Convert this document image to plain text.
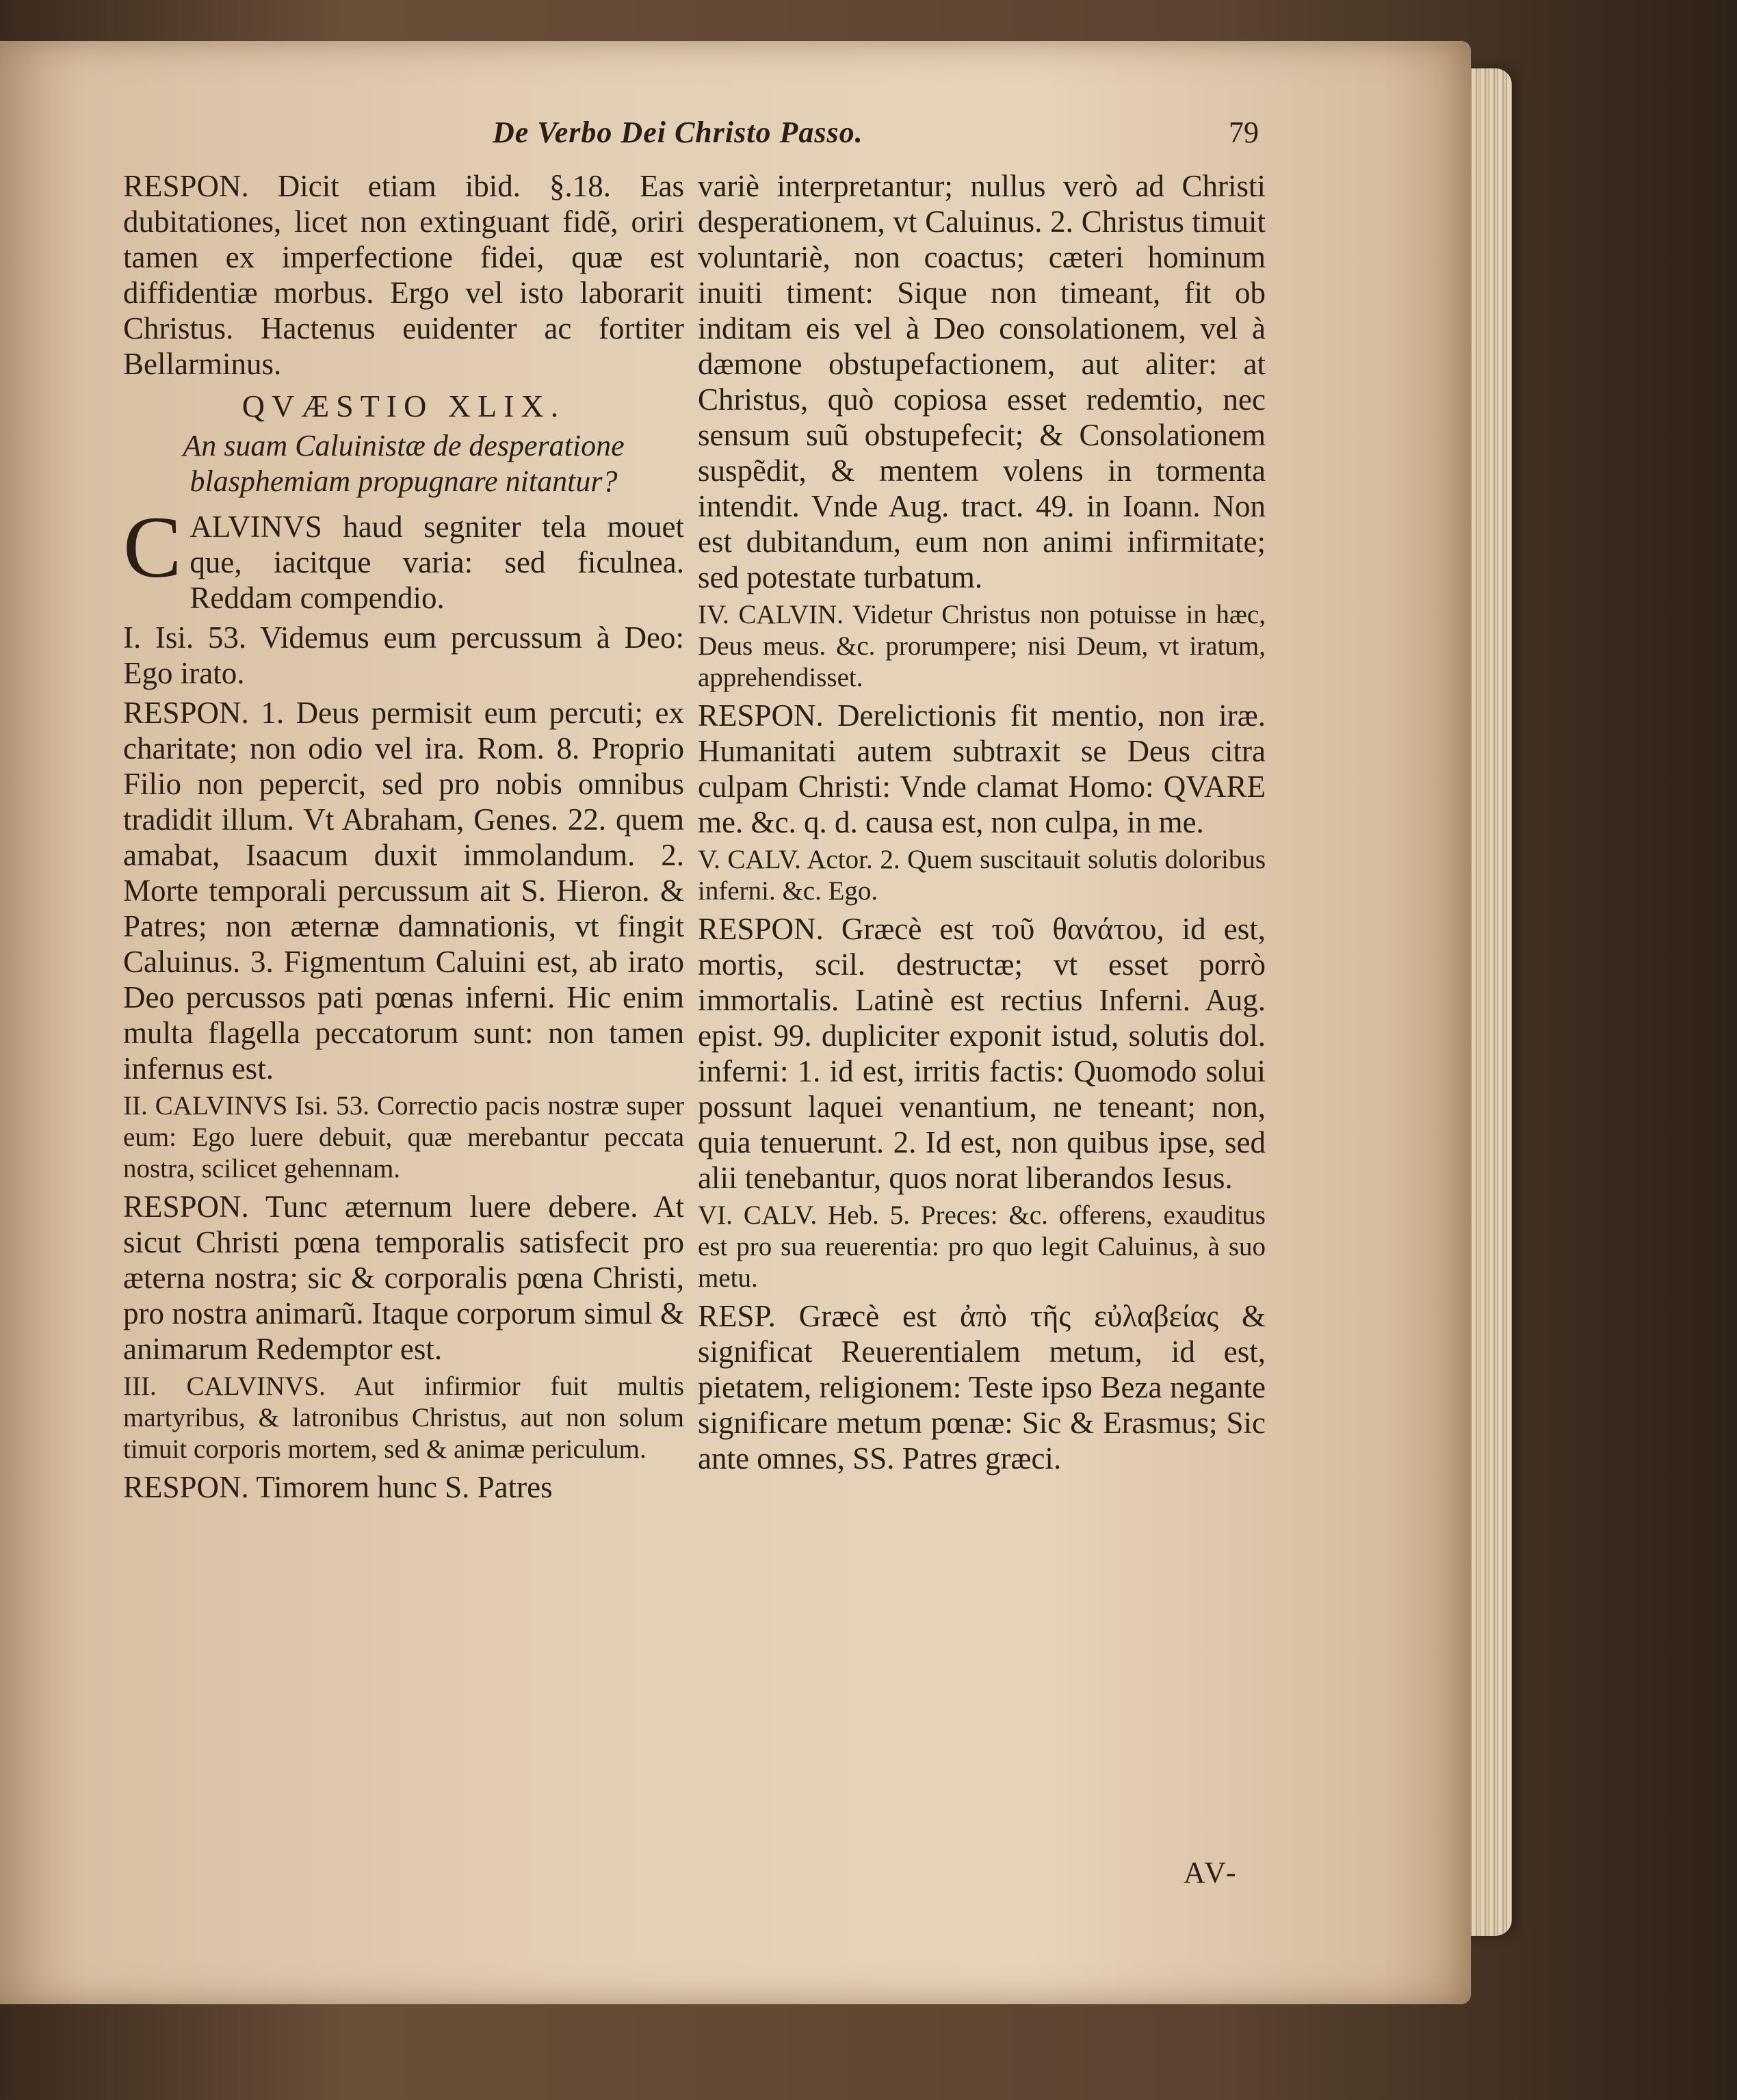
De Verbo Dei Christo Passo.	79

RESPON. Dicit etiam ibid. §.18. Eas dubitationes, licet non extinguant fidẽ, oriri tamen ex imperfectione fidei, quæ est diffidentiæ morbus. Ergo vel isto laborarit Christus. Hactenus euidenter ac fortiter Bellarminus.

QVÆSTIO XLIX.
An suam Caluinistæ de desperatione blasphemiam propugnare nitantur?

C ALVINVS haud segniter tela mouet que, iacitque varia: sed ficulnea. Reddam compendio.

I. Isi. 53. Videmus eum percussum à Deo: Ego irato.

RESPON. 1. Deus permisit eum percuti; ex charitate; non odio vel ira. Rom. 8. Proprio Filio non pepercit, sed pro nobis omnibus tradidit illum. Vt Abraham, Genes. 22. quem amabat, Isaacum duxit immolandum. 2. Morte temporali percussum ait S. Hieron. & Patres; non æternæ damnationis, vt fingit Caluinus. 3. Figmentum Caluini est, ab irato Deo percussos pati pœnas inferni. Hic enim multa flagella peccatorum sunt: non tamen infernus est.

II. CALVINVS Isi. 53. Correctio pacis nostræ super eum: Ego luere debuit, quæ merebantur peccata nostra, scilicet gehennam.

RESPON. Tunc æternum luere debere. At sicut Christi pœna temporalis satisfecit pro æterna nostra; sic & corporalis pœna Christi, pro nostra animarũ. Itaque corporum simul & animarum Redemptor est.

III. CALVINVS. Aut infirmior fuit multis martyribus, & latronibus Christus, aut non solum timuit corporis mortem, sed & animæ periculum.

RESPON. Timorem hunc S. Patres

variè interpretantur; nullus verò ad Christi desperationem, vt Caluinus. 2. Christus timuit voluntariè, non coactus; cæteri hominum inuiti timent: Sique non timeant, fit ob inditam eis vel à Deo consolationem, vel à dæmone obstupefactionem, aut aliter: at Christus, quò copiosa esset redemtio, nec sensum suũ obstupefecit; & Consolationem suspẽdit, & mentem volens in tormenta intendit. Vnde Aug. tract. 49. in Ioann. Non est dubitandum, eum non animi infirmitate; sed potestate turbatum.

IV. CALVIN. Videtur Christus non potuisse in hæc, Deus meus. &c. prorumpere; nisi Deum, vt iratum, apprehendisset.

RESPON. Derelictionis fit mentio, non iræ. Humanitati autem subtraxit se Deus citra culpam Christi: Vnde clamat Homo: QVARE me. &c. q. d. causa est, non culpa, in me.

V. CALV. Actor. 2. Quem suscitauit solutis doloribus inferni. &c. Ego.

RESPON. Græcè est τοῦ θανάτου, id est, mortis, scil. destructæ; vt esset porrò immortalis. Latinè est rectius Inferni. Aug. epist. 99. dupliciter exponit istud, solutis dol. inferni: 1. id est, irritis factis: Quomodo solui possunt laquei venantium, ne teneant; non, quia tenuerunt. 2. Id est, non quibus ipse, sed alii tenebantur, quos norat liberandos Iesus.

VI. CALV. Heb. 5. Preces: &c. offerens, exauditus est pro sua reuerentia: pro quo legit Caluinus, à suo metu.

RESP. Græcè est ἀπὸ τῆς εὐλαβείας & significat Reuerentialem metum, id est, pietatem, religionem: Teste ipso Beza negante significare metum pœnæ: Sic & Erasmus; Sic ante omnes, SS. Patres græci.

AV-
